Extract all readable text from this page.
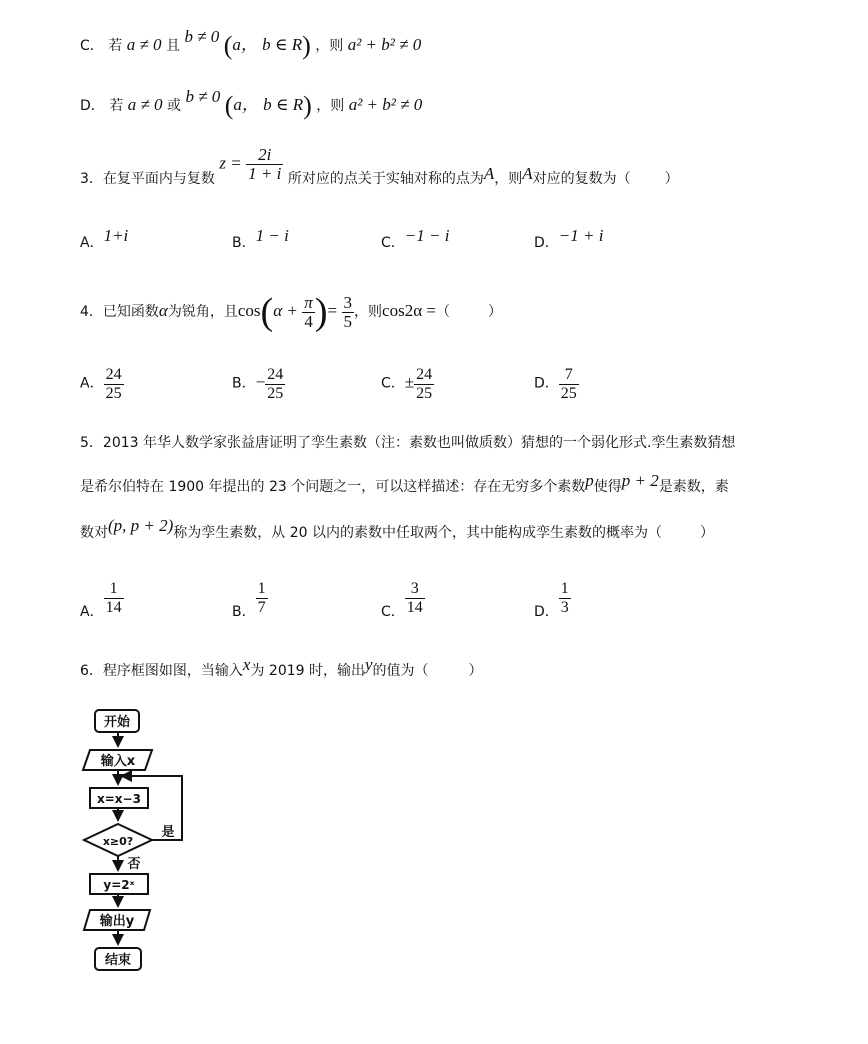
C． 若 a ≠ 0 且 b ≠ 0 (a， b ∈ R) ，则 a² + b² ≠ 0
D． 若 a ≠ 0 或 b ≠ 0 (a， b ∈ R) ，则 a² + b² ≠ 0
3．在复平面内与复数 $z = \frac{2i}{1 + i}$ 所对应的点关于实轴对称的点为A，则A对应的复数为（ ）
A．1+i	B．1 − i	C．−1 − i	D．−1 + i
4．已知函数α为锐角，且$\cos(\alpha + \frac{\pi}{4}$ )= $\frac{3}{5}$ ，则cos2α =（	）
A． $\frac{24}{25}$	B．− $\frac{24}{25}$	C．± $\frac{24}{25}$	D． $\frac{7}{25}$
5．2013 年华人数学家张益唐证明了孪生素数（注：素数也叫做质数）猜想的一个弱化形式.孪生素数猜想
是希尔伯特在 1900 年提出的 23 个问题之一，可以这样描述：存在无穷多个素数p使得p + 2是素数，素
数对(p, p + 2)称为孪生素数，从 20 以内的素数中任取两个，其中能构成孪生素数的概率为（	）
A． $\frac{1}{14}$	B． $\frac{1}{7}$	C． $\frac{3}{14}$	D． $\frac{1}{3}$
6．程序框图如图，当输入x为 2019 时，输出y的值为（	）
开始
输入x
x=x−3
x≥0?
是
否
y=2ˣ
输出y
结束
